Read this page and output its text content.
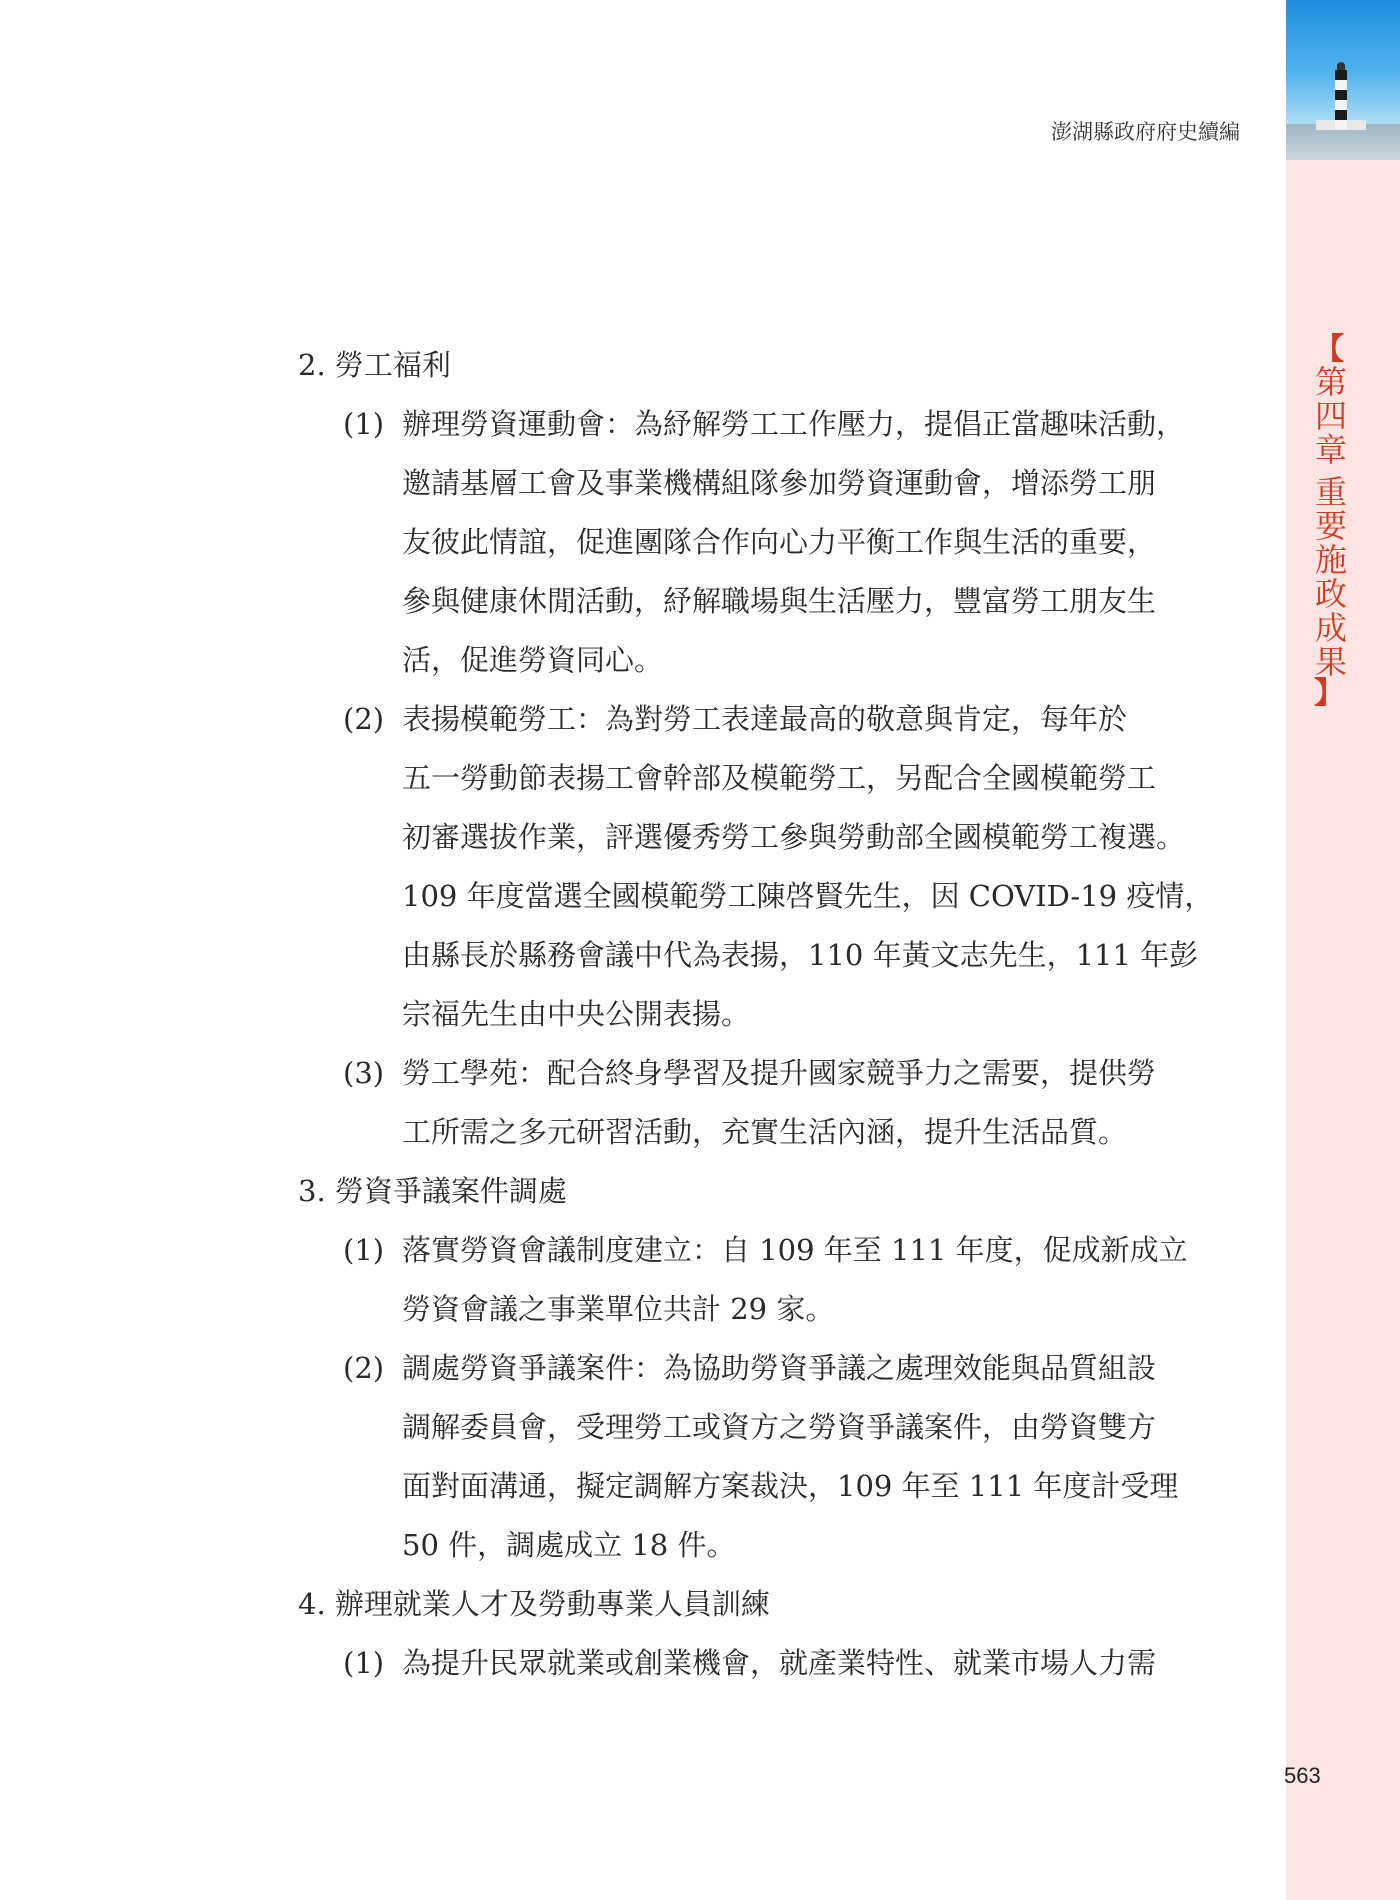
【
第四章
重要施政成果
】
澎湖縣政府府史續編

2. 勞工福利

(1) 辦理勞資運動會：為紓解勞工工作壓力，提倡正當趣味活動，
邀請基層工會及事業機構組隊參加勞資運動會，增添勞工朋
友彼此情誼，促進團隊合作向心力平衡工作與生活的重要，
參與健康休閒活動，紓解職場與生活壓力，豐富勞工朋友生
活，促進勞資同心。
(2) 表揚模範勞工：為對勞工表達最高的敬意與肯定，每年於
五一勞動節表揚工會幹部及模範勞工，另配合全國模範勞工
初審選拔作業，評選優秀勞工參與勞動部全國模範勞工複選。
109 年度當選全國模範勞工陳啓賢先生，因 COVID-19 疫情，
由縣長於縣務會議中代為表揚，110 年黃文志先生，111 年彭
宗福先生由中央公開表揚。
(3) 勞工學苑：配合終身學習及提升國家競爭力之需要，提供勞
工所需之多元研習活動，充實生活內涵，提升生活品質。

3. 勞資爭議案件調處

(1) 落實勞資會議制度建立：自 109 年至 111 年度，促成新成立
勞資會議之事業單位共計 29 家。
(2) 調處勞資爭議案件：為協助勞資爭議之處理效能與品質組設
調解委員會，受理勞工或資方之勞資爭議案件，由勞資雙方
面對面溝通，擬定調解方案裁決，109 年至 111 年度計受理
50 件，調處成立 18 件。

4. 辦理就業人才及勞動專業人員訓練

(1) 為提升民眾就業或創業機會，就產業特性、就業市場人力需
563
